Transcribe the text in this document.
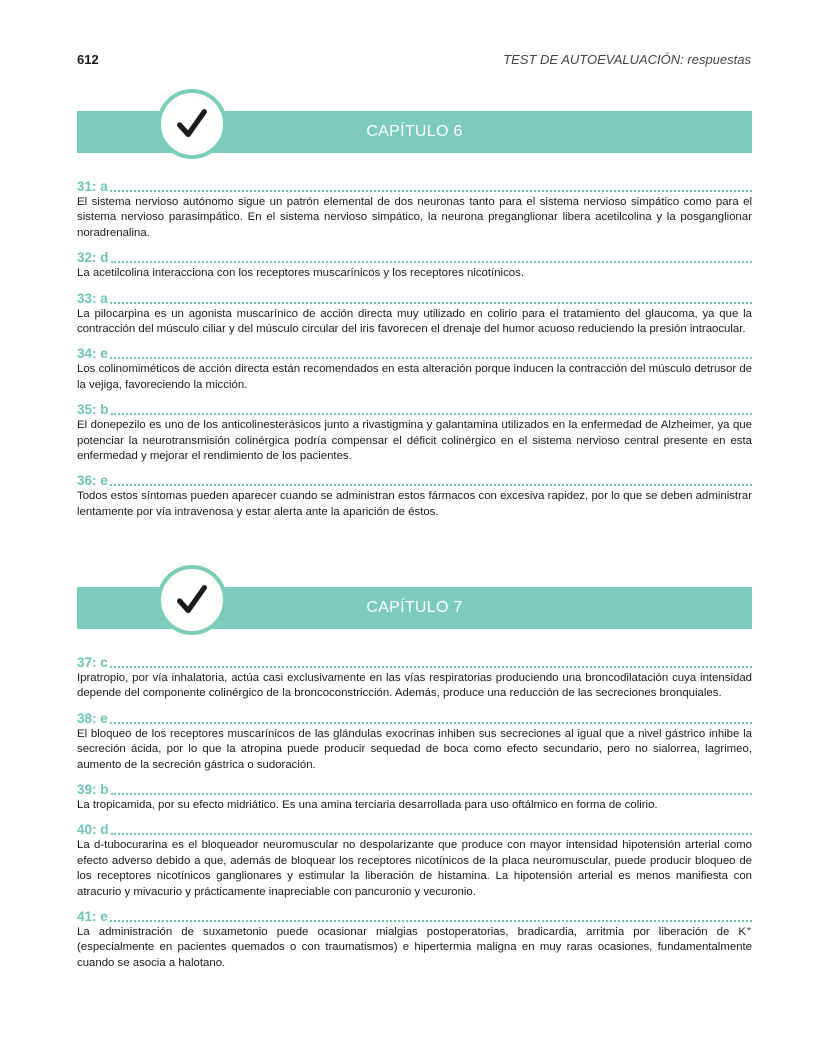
612	TEST DE AUTOEVALUACIÓN: respuestas
CAPÍTULO 6
31: a

El sistema nervioso autónomo sigue un patrón elemental de dos neuronas tanto para el sistema nervioso simpático como para el sistema nervioso parasimpático. En el sistema nervioso simpático, la neurona preganglionar libera acetilcolina y la posganglionar noradrenalina.

32: d

La acetilcolina interacciona con los receptores muscarínicos y los receptores nicotínicos.

33: a

La pilocarpina es un agonista muscarínico de acción directa muy utilizado en colirio para el tratamiento del glaucoma, ya que la contracción del músculo ciliar y del músculo circular del iris favorecen el drenaje del humor acuoso reduciendo la presión intraocular.

34: e

Los colinomiméticos de acción directa están recomendados en esta alteración porque inducen la contracción del músculo detrusor de la vejiga, favoreciendo la micción.

35: b

El donepezilo es uno de los anticolinesterásicos junto a rivastigmina y galantamina utilizados en la enfermedad de Alzheimer, ya que potenciar la neurotransmisión colinérgica podría compensar el déficit colinérgico en el sistema nervioso central presente en esta enfermedad y mejorar el rendimiento de los pacientes.

36: e

Todos estos síntomas pueden aparecer cuando se administran estos fármacos con excesiva rapidez, por lo que se deben administrar lentamente por vía intravenosa y estar alerta ante la aparición de éstos.

CAPÍTULO 7
37: c

Ipratropio, por vía inhalatoria, actúa casi exclusivamente en las vías respiratorias produciendo una broncodilatación cuya intensidad depende del componente colinérgico de la broncoconstricción. Además, produce una reducción de las secreciones bronquiales.

38: e

El bloqueo de los receptores muscarínicos de las glándulas exocrinas inhiben sus secreciones al igual que a nivel gástrico inhibe la secreción ácida, por lo que la atropina puede producir sequedad de boca como efecto secundario, pero no sialorrea, lagrimeo, aumento de la secreción gástrica o sudoración.

39: b

La tropicamida, por su efecto midriático. Es una amina terciaria desarrollada para uso oftálmico en forma de colirio.

40: d

La d-tubocurarina es el bloqueador neuromuscular no despolarizante que produce con mayor intensidad hipotensión arterial como efecto adverso debido a que, además de bloquear los receptores nicotínicos de la placa neuromuscular, puede producir bloqueo de los receptores nicotínicos ganglionares y estimular la liberación de histamina. La hipotensión arterial es menos manifiesta con atracurio y mivacurio y prácticamente inapreciable con pancuronio y vecuronio.

41: e

La administración de suxametonio puede ocasionar mialgias postoperatorias, bradicardia, arritmia por liberación de K⁺ (especialmente en pacientes quemados o con traumatismos) e hipertermia maligna en muy raras ocasiones, fundamentalmente cuando se asocia a halotano.
